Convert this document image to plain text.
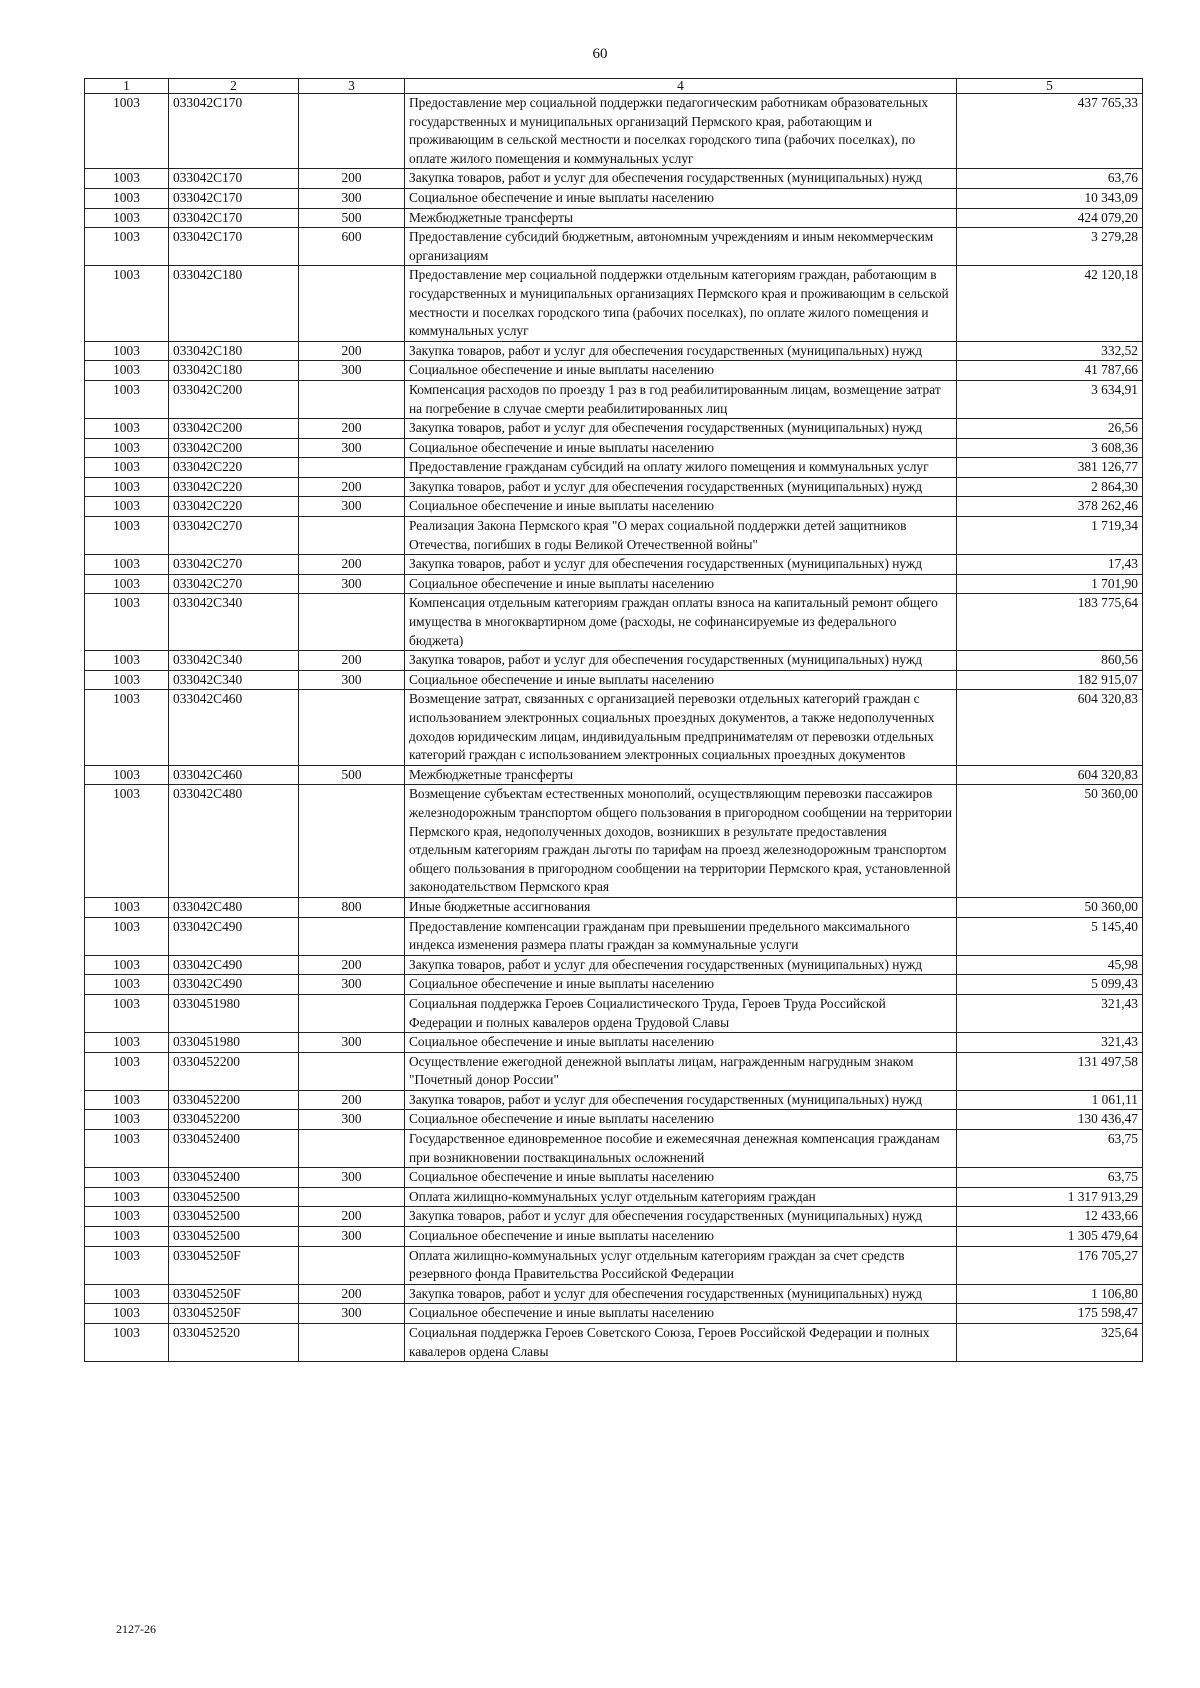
60
1	2	3	4	5
1003	033042С170		Предоставление мер социальной поддержки педагогическим работникам образовательных государственных и муниципальных организаций Пермского края, работающим и проживающим в сельской местности и поселках городского типа (рабочих поселках), по оплате жилого помещения и коммунальных услуг	437 765,33
1003	033042С170	200	Закупка товаров, работ и услуг для обеспечения государственных (муниципальных) нужд	63,76
1003	033042С170	300	Социальное обеспечение и иные выплаты населению	10 343,09
1003	033042С170	500	Межбюджетные трансферты	424 079,20
1003	033042С170	600	Предоставление субсидий бюджетным, автономным учреждениям и иным некоммерческим организациям	3 279,28
1003	033042С180		Предоставление мер социальной поддержки отдельным категориям граждан, работающим в государственных и муниципальных организациях Пермского края и проживающим в сельской местности и поселках городского типа (рабочих поселках), по оплате жилого помещения и коммунальных услуг	42 120,18
1003	033042С180	200	Закупка товаров, работ и услуг для обеспечения государственных (муниципальных) нужд	332,52
1003	033042С180	300	Социальное обеспечение и иные выплаты населению	41 787,66
1003	033042С200		Компенсация расходов по проезду 1 раз в год реабилитированным лицам, возмещение затрат на погребение в случае смерти реабилитированных лиц	3 634,91
1003	033042С200	200	Закупка товаров, работ и услуг для обеспечения государственных (муниципальных) нужд	26,56
1003	033042С200	300	Социальное обеспечение и иные выплаты населению	3 608,36
1003	033042С220		Предоставление гражданам субсидий на оплату жилого помещения и коммунальных услуг	381 126,77
1003	033042С220	200	Закупка товаров, работ и услуг для обеспечения государственных (муниципальных) нужд	2 864,30
1003	033042С220	300	Социальное обеспечение и иные выплаты населению	378 262,46
1003	033042С270		Реализация Закона Пермского края "О мерах социальной поддержки детей защитников Отечества, погибших в годы Великой Отечественной войны"	1 719,34
1003	033042С270	200	Закупка товаров, работ и услуг для обеспечения государственных (муниципальных) нужд	17,43
1003	033042С270	300	Социальное обеспечение и иные выплаты населению	1 701,90
1003	033042С340		Компенсация отдельным категориям граждан оплаты взноса на капитальный ремонт общего имущества в многоквартирном доме (расходы, не софинансируемые из федерального бюджета)	183 775,64
1003	033042С340	200	Закупка товаров, работ и услуг для обеспечения государственных (муниципальных) нужд	860,56
1003	033042С340	300	Социальное обеспечение и иные выплаты населению	182 915,07
1003	033042С460		Возмещение затрат, связанных с организацией перевозки отдельных категорий граждан с использованием электронных социальных проездных документов, а также недополученных доходов юридическим лицам, индивидуальным предпринимателям от перевозки отдельных категорий граждан с использованием электронных социальных проездных документов	604 320,83
1003	033042С460	500	Межбюджетные трансферты	604 320,83
1003	033042С480		Возмещение субъектам естественных монополий, осуществляющим перевозки пассажиров железнодорожным транспортом общего пользования в пригородном сообщении на территории Пермского края, недополученных доходов, возникших в результате предоставления отдельным категориям граждан льготы по тарифам на проезд железнодорожным транспортом общего пользования в пригородном сообщении на территории Пермского края, установленной законодательством Пермского края	50 360,00
1003	033042С480	800	Иные бюджетные ассигнования	50 360,00
1003	033042С490		Предоставление компенсации гражданам при превышении предельного максимального индекса изменения размера платы граждан за коммунальные услуги	5 145,40
1003	033042С490	200	Закупка товаров, работ и услуг для обеспечения государственных (муниципальных) нужд	45,98
1003	033042С490	300	Социальное обеспечение и иные выплаты населению	5 099,43
1003	0330451980		Социальная поддержка Героев Социалистического Труда, Героев Труда Российской Федерации и полных кавалеров ордена Трудовой Славы	321,43
1003	0330451980	300	Социальное обеспечение и иные выплаты населению	321,43
1003	0330452200		Осуществление ежегодной денежной выплаты лицам, награжденным нагрудным знаком "Почетный донор России"	131 497,58
1003	0330452200	200	Закупка товаров, работ и услуг для обеспечения государственных (муниципальных) нужд	1 061,11
1003	0330452200	300	Социальное обеспечение и иные выплаты населению	130 436,47
1003	0330452400		Государственное единовременное пособие и ежемесячная денежная компенсация гражданам при возникновении поствакцинальных осложнений	63,75
1003	0330452400	300	Социальное обеспечение и иные выплаты населению	63,75
1003	0330452500		Оплата жилищно-коммунальных услуг отдельным категориям граждан	1 317 913,29
1003	0330452500	200	Закупка товаров, работ и услуг для обеспечения государственных (муниципальных) нужд	12 433,66
1003	0330452500	300	Социальное обеспечение и иные выплаты населению	1 305 479,64
1003	033045250F		Оплата жилищно-коммунальных услуг отдельным категориям граждан за счет средств резервного фонда Правительства Российской Федерации	176 705,27
1003	033045250F	200	Закупка товаров, работ и услуг для обеспечения государственных (муниципальных) нужд	1 106,80
1003	033045250F	300	Социальное обеспечение и иные выплаты населению	175 598,47
1003	0330452520		Социальная поддержка Героев Советского Союза, Героев Российской Федерации и полных кавалеров ордена Славы	325,64
2127-26
